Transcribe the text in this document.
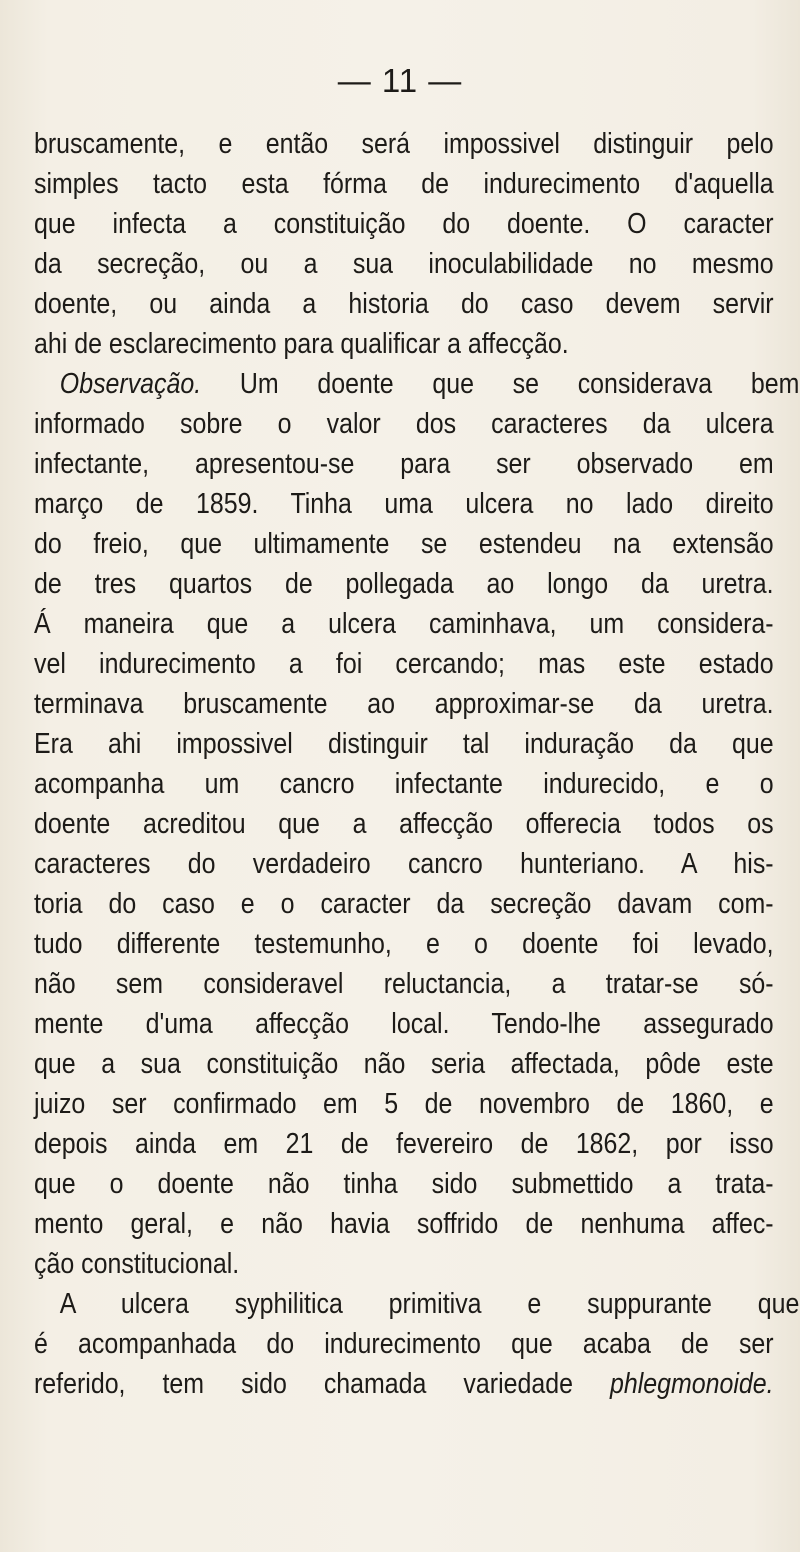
— 11 —
bruscamente, e então será impossivel distinguir pelo
simples tacto esta fórma de indurecimento d'aquella
que infecta a constituição do doente. O caracter
da secreção, ou a sua inoculabilidade no mesmo
doente, ou ainda a historia do caso devem servir
ahi de esclarecimento para qualificar a affecção.
Observação. Um doente que se considerava bem
informado sobre o valor dos caracteres da ulcera
infectante, apresentou-se para ser observado em
março de 1859. Tinha uma ulcera no lado direito
do freio, que ultimamente se estendeu na extensão
de tres quartos de pollegada ao longo da uretra.
Á maneira que a ulcera caminhava, um considera-
vel indurecimento a foi cercando; mas este estado
terminava bruscamente ao approximar-se da uretra.
Era ahi impossivel distinguir tal induração da que
acompanha um cancro infectante indurecido, e o
doente acreditou que a affecção offerecia todos os
caracteres do verdadeiro cancro hunteriano. A his-
toria do caso e o caracter da secreção davam com-
tudo differente testemunho, e o doente foi levado,
não sem consideravel reluctancia, a tratar-se só-
mente d'uma affecção local. Tendo-lhe assegurado
que a sua constituição não seria affectada, pôde este
juizo ser confirmado em 5 de novembro de 1860, e
depois ainda em 21 de fevereiro de 1862, por isso
que o doente não tinha sido submettido a trata-
mento geral, e não havia soffrido de nenhuma affec-
ção constitucional.
A ulcera syphilitica primitiva e suppurante que
é acompanhada do indurecimento que acaba de ser
referido, tem sido chamada variedade phlegmonoide.
